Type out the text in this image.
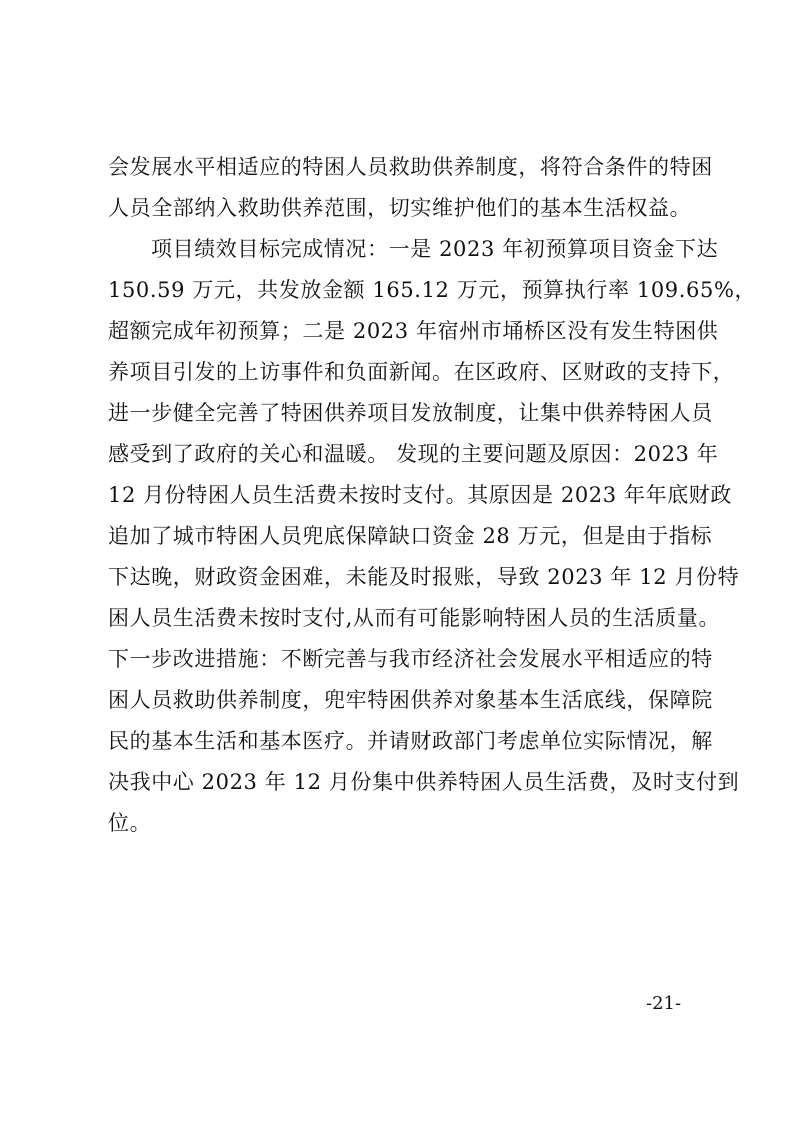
会发展水平相适应的特困人员救助供养制度，将符合条件的特困
人员全部纳入救助供养范围，切实维护他们的基本生活权益。
项目绩效目标完成情况：一是 2023 年初预算项目资金下达
150.59 万元，共发放金额 165.12 万元，预算执行率 109.65%，
超额完成年初预算；二是 2023 年宿州市埇桥区没有发生特困供
养项目引发的上访事件和负面新闻。在区政府、区财政的支持下，
进一步健全完善了特困供养项目发放制度，让集中供养特困人员
感受到了政府的关心和温暖。 发现的主要问题及原因：2023 年
12 月份特困人员生活费未按时支付。其原因是 2023 年年底财政
追加了城市特困人员兜底保障缺口资金 28 万元，但是由于指标
下达晚，财政资金困难，未能及时报账，导致 2023 年 12 月份特
困人员生活费未按时支付,从而有可能影响特困人员的生活质量。
下一步改进措施：不断完善与我市经济社会发展水平相适应的特
困人员救助供养制度，兜牢特困供养对象基本生活底线，保障院
民的基本生活和基本医疗。并请财政部门考虑单位实际情况，解
决我中心 2023 年 12 月份集中供养特困人员生活费，及时支付到
位。
-21-
